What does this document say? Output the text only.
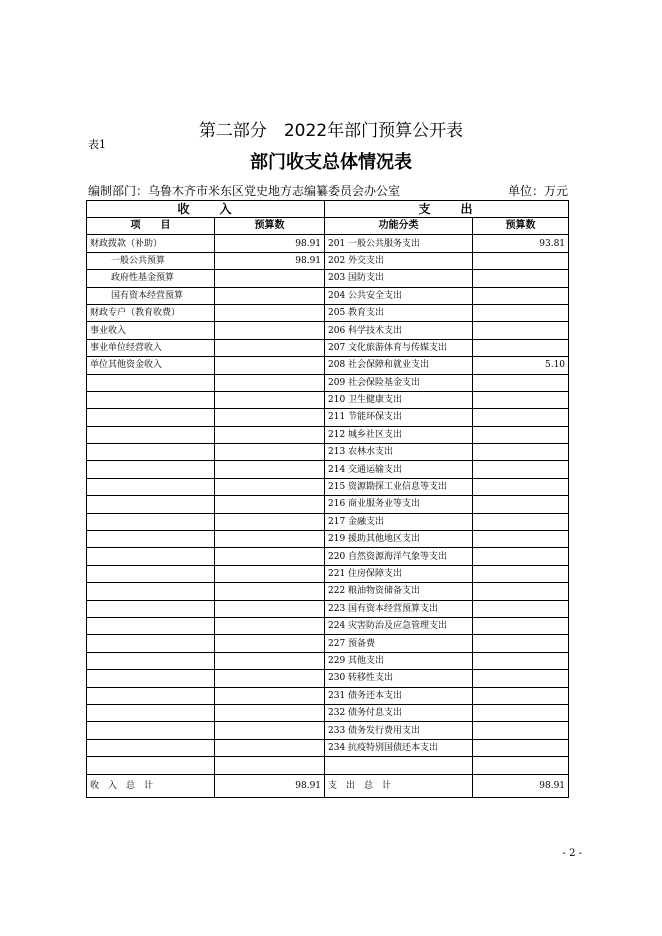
第二部分　2022年部门预算公开表
表1
部门收支总体情况表
编制部门：乌鲁木齐市米东区党史地方志编纂委员会办公室	单位：万元
收　　入		支　　出	
项　　目	预算数	功能分类	预算数
财政拨款（补助）	98.91	201 一般公共服务支出	93.81
一般公共预算	98.91	202 外交支出	
政府性基金预算		203 国防支出	
国有资本经营预算		204 公共安全支出	
财政专户（教育收费）		205 教育支出	
事业收入		206 科学技术支出	
事业单位经营收入		207 文化旅游体育与传媒支出	
单位其他资金收入		208 社会保障和就业支出	5.10
		209 社会保险基金支出	
		210 卫生健康支出	
		211 节能环保支出	
		212 城乡社区支出	
		213 农林水支出	
		214 交通运输支出	
		215 资源勘探工业信息等支出	
		216 商业服务业等支出	
		217 金融支出	
		219 援助其他地区支出	
		220 自然资源海洋气象等支出	
		221 住房保障支出	
		222 粮油物资储备支出	
		223 国有资本经营预算支出	
		224 灾害防治及应急管理支出	
		227 预备费	
		229 其他支出	
		230 转移性支出	
		231 债务还本支出	
		232 债务付息支出	
		233 债务发行费用支出	
		234 抗疫特别国债还本支出	

收　入　总　计	98.91	支　出　总　计	98.91
- 2 -
